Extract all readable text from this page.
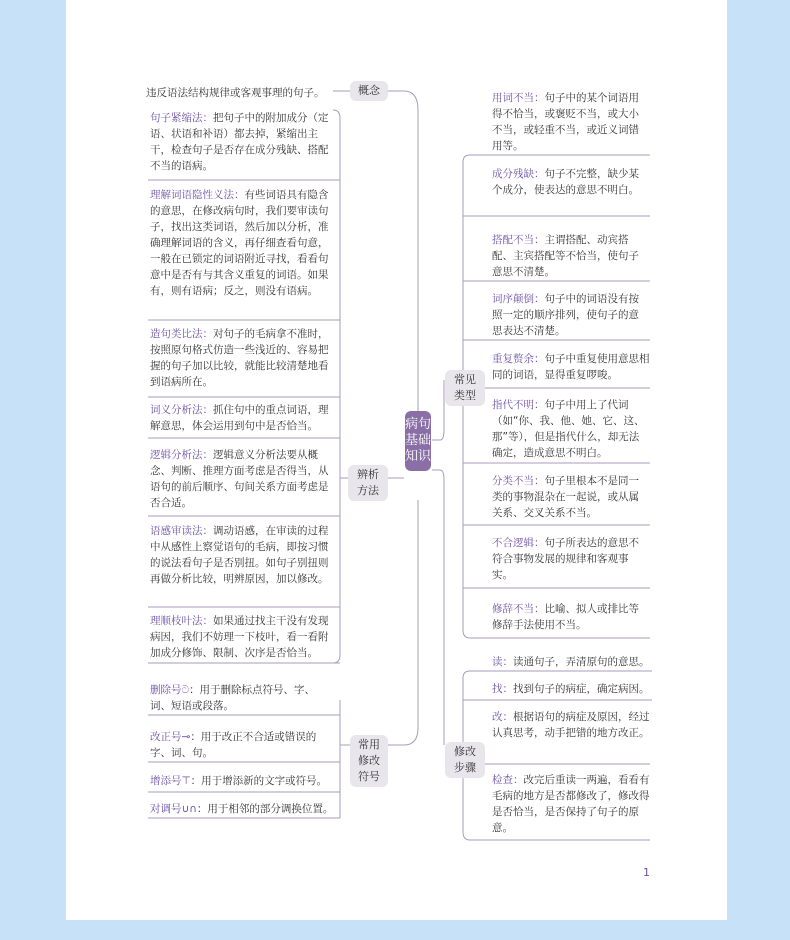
病句基础知识
概念
辨析方法
常用修改符号
常见类型
修改步骤
违反语法结构规律或客观事理的句子。
句子紧缩法：把句子中的附加成分（定语、状语和补语）都去掉，紧缩出主干，检查句子是否存在成分残缺、搭配不当的语病。
理解词语隐性义法：有些词语具有隐含的意思，在修改病句时，我们要审读句子，找出这类词语，然后加以分析，准确理解词语的含义，再仔细查看句意，一般在已锁定的词语附近寻找，看看句意中是否有与其含义重复的词语。如果有，则有语病；反之，则没有语病。
造句类比法：对句子的毛病拿不准时，按照原句格式仿造一些浅近的、容易把握的句子加以比较，就能比较清楚地看到语病所在。
词义分析法：抓住句中的重点词语，理解意思，体会运用到句中是否恰当。
逻辑分析法：逻辑意义分析法要从概念、判断、推理方面考虑是否得当，从语句的前后顺序、句间关系方面考虑是否合适。
语感审读法：调动语感，在审读的过程中从感性上察觉语句的毛病，即按习惯的说法看句子是否别扭。如句子别扭则再做分析比较，明辨原因，加以修改。
理顺枝叶法：如果通过找主干没有发现病因，我们不妨理一下枝叶，看一看附加成分修饰、限制、次序是否恰当。
删除号ට：用于删除标点符号、字、词、短语或段落。
改正号⊸：用于改正不合适或错误的字、词、句。
增添号⊤：用于增添新的文字或符号。
对调号∪∩：用于相邻的部分调换位置。
用词不当：句子中的某个词语用得不恰当，或褒贬不当，或大小不当，或轻重不当，或近义词错用等。
成分残缺：句子不完整，缺少某个成分，使表达的意思不明白。
搭配不当：主谓搭配、动宾搭配、主宾搭配等不恰当，使句子意思不清楚。
词序颠倒：句子中的词语没有按照一定的顺序排列，使句子的意思表达不清楚。
重复赘余：句子中重复使用意思相同的词语，显得重复啰唆。
指代不明：句子中用上了代词（如“你、我、他、她、它、这、那”等），但是指代什么，却无法确定，造成意思不明白。
分类不当：句子里根本不是同一类的事物混杂在一起说，或从属关系、交叉关系不当。
不合逻辑：句子所表达的意思不符合事物发展的规律和客观事实。
修辞不当：比喻、拟人或排比等修辞手法使用不当。
读：读通句子，弄清原句的意思。
找：找到句子的病症，确定病因。
改：根据语句的病症及原因，经过认真思考，动手把错的地方改正。
检查：改完后重读一两遍，看看有毛病的地方是否都修改了，修改得是否恰当，是否保持了句子的原意。
1
